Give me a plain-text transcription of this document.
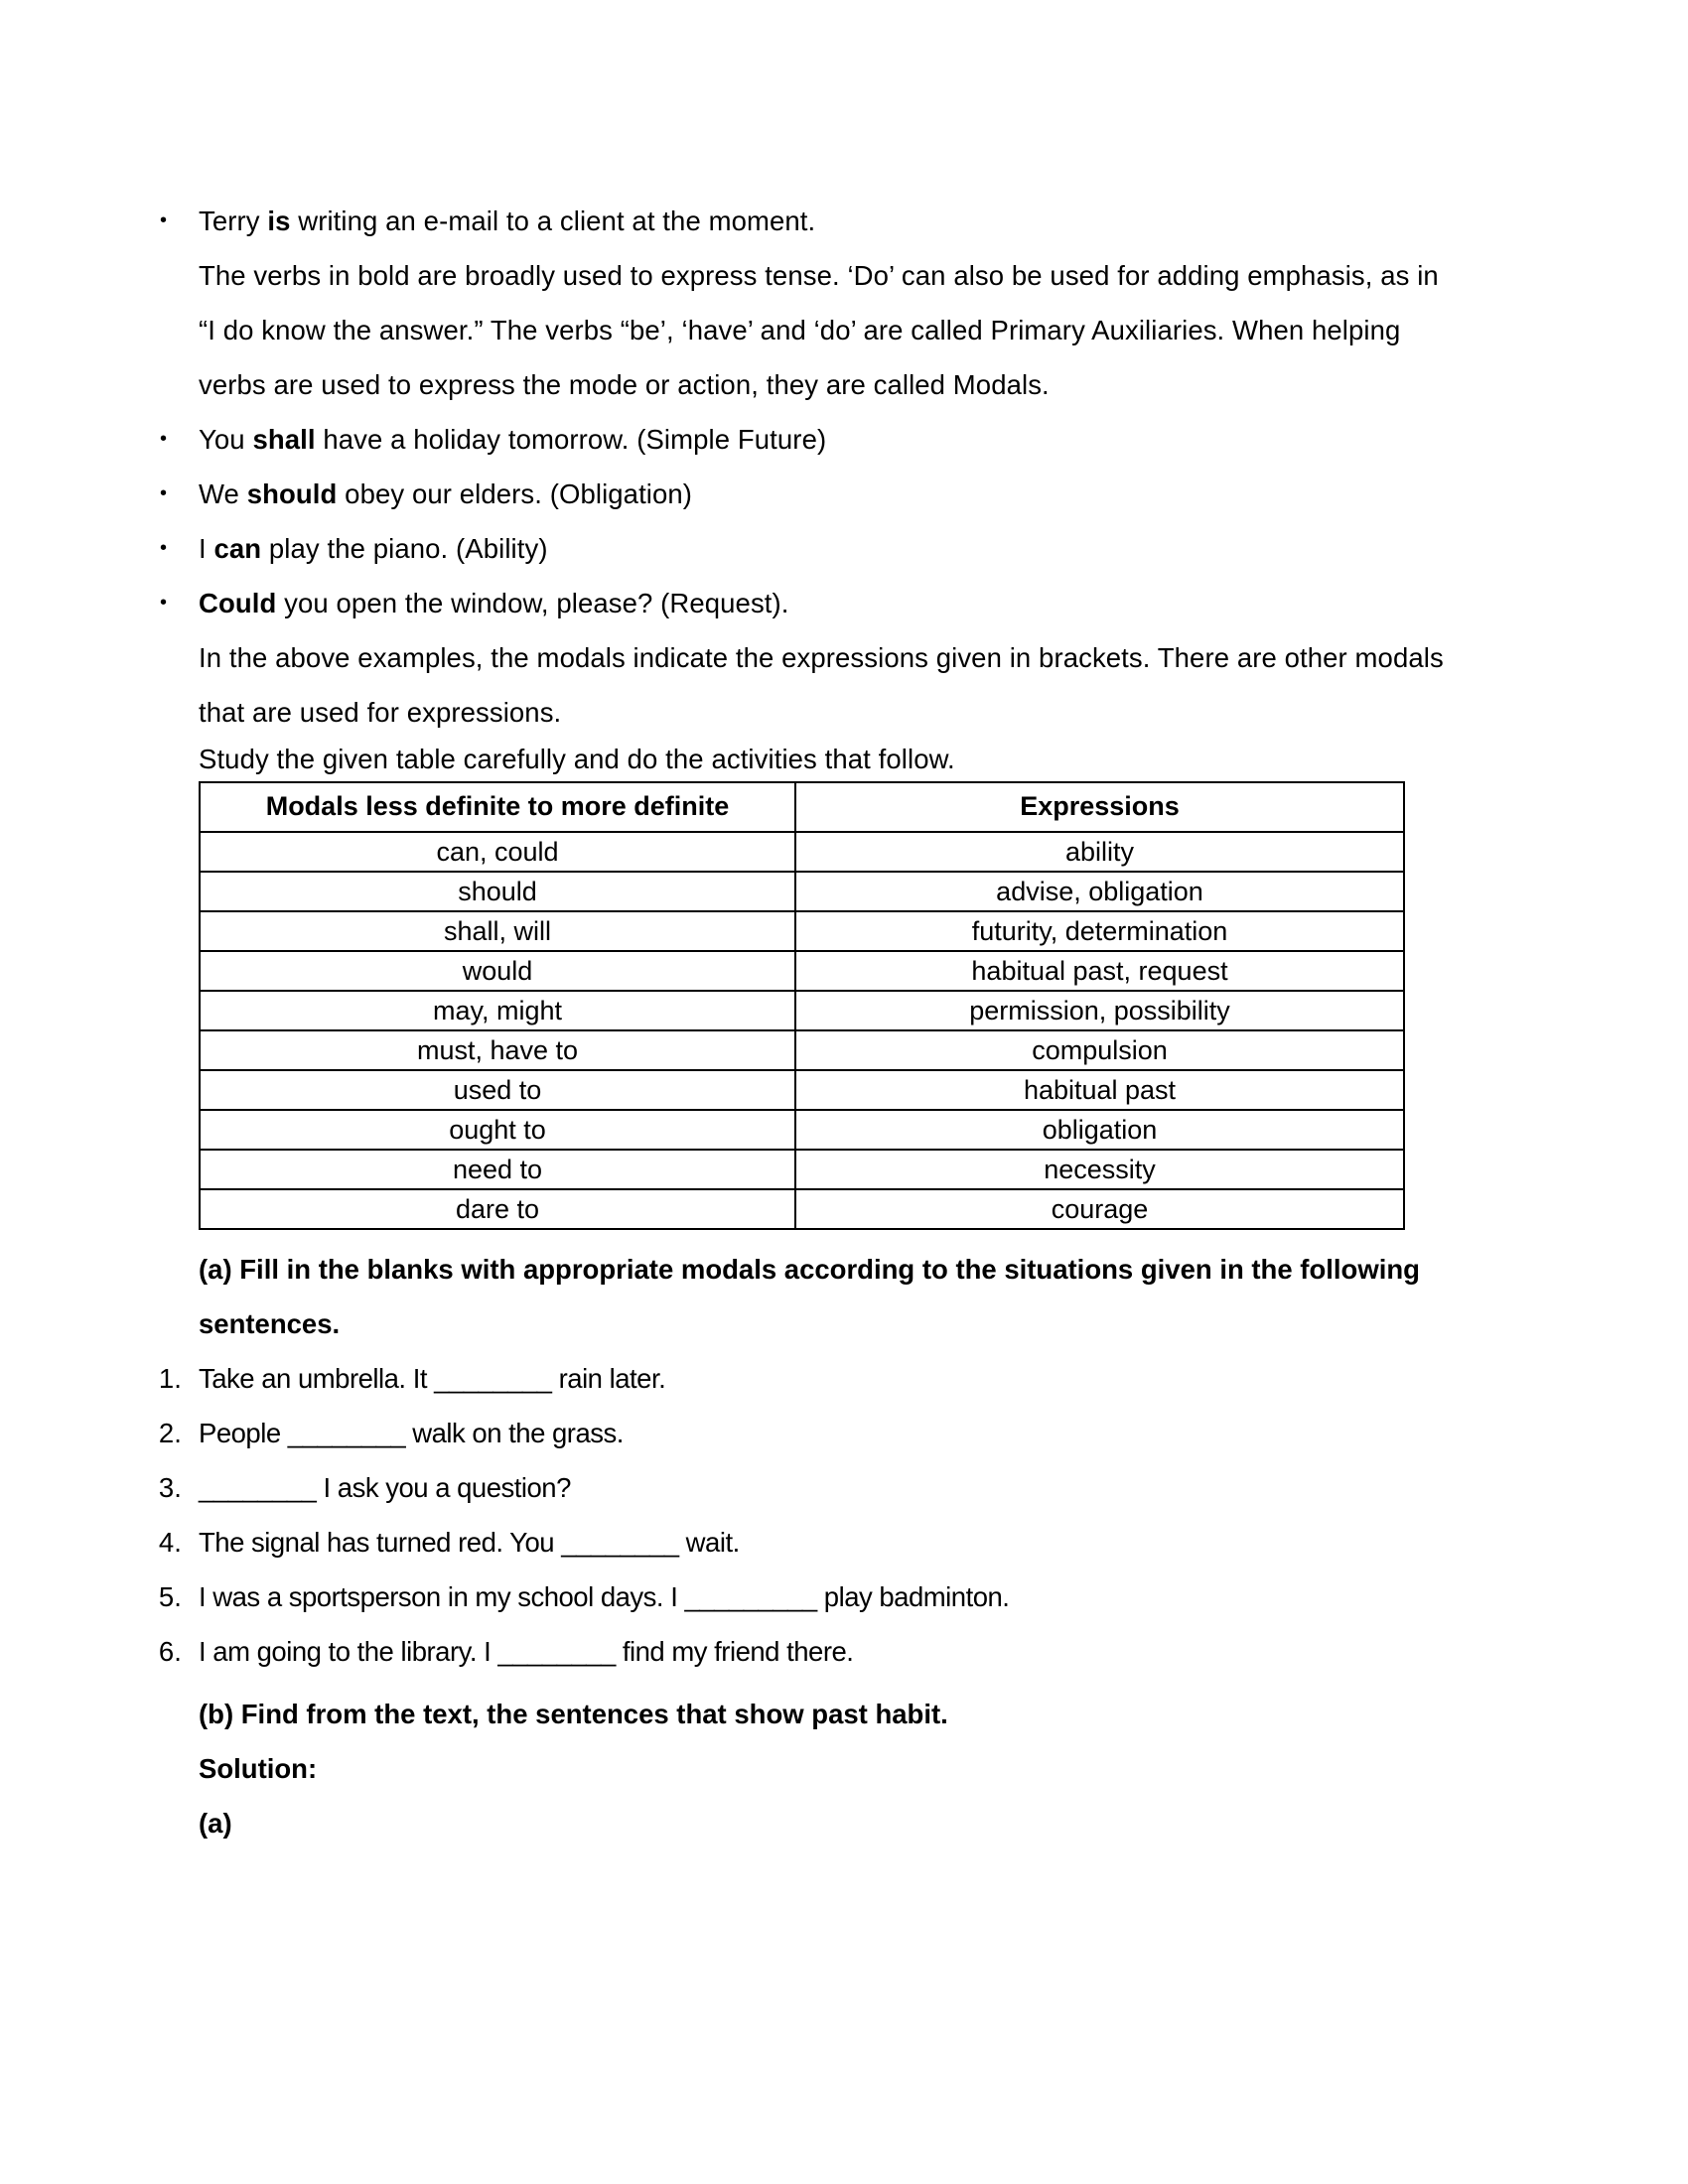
• Terry is writing an e-mail to a client at the moment.
The verbs in bold are broadly used to express tense. ‘Do’ can also be used for adding emphasis, as in “I do know the answer.” The verbs “be’, ‘have’ and ‘do’ are called Primary Auxiliaries. When helping verbs are used to express the mode or action, they are called Modals.
• You shall have a holiday tomorrow. (Simple Future)
• We should obey our elders. (Obligation)
• I can play the piano. (Ability)
• Could you open the window, please? (Request).
In the above examples, the modals indicate the expressions given in brackets. There are other modals that are used for expressions.
Study the given table carefully and do the activities that follow.
Modals less definite to more definite	Expressions
can, could	ability
should	advise, obligation
shall, will	futurity, determination
would	habitual past, request
may, might	permission, possibility
must, have to	compulsion
used to	habitual past
ought to	obligation
need to	necessity
dare to	courage
(a) Fill in the blanks with appropriate modals according to the situations given in the following sentences.
1. Take an umbrella. It ________ rain later.
2. People ________ walk on the grass.
3. ________ I ask you a question?
4. The signal has turned red. You ________ wait.
5. I was a sportsperson in my school days. I _________ play badminton.
6. I am going to the library. I ________ find my friend there.
(b) Find from the text, the sentences that show past habit.
Solution:
(a)
